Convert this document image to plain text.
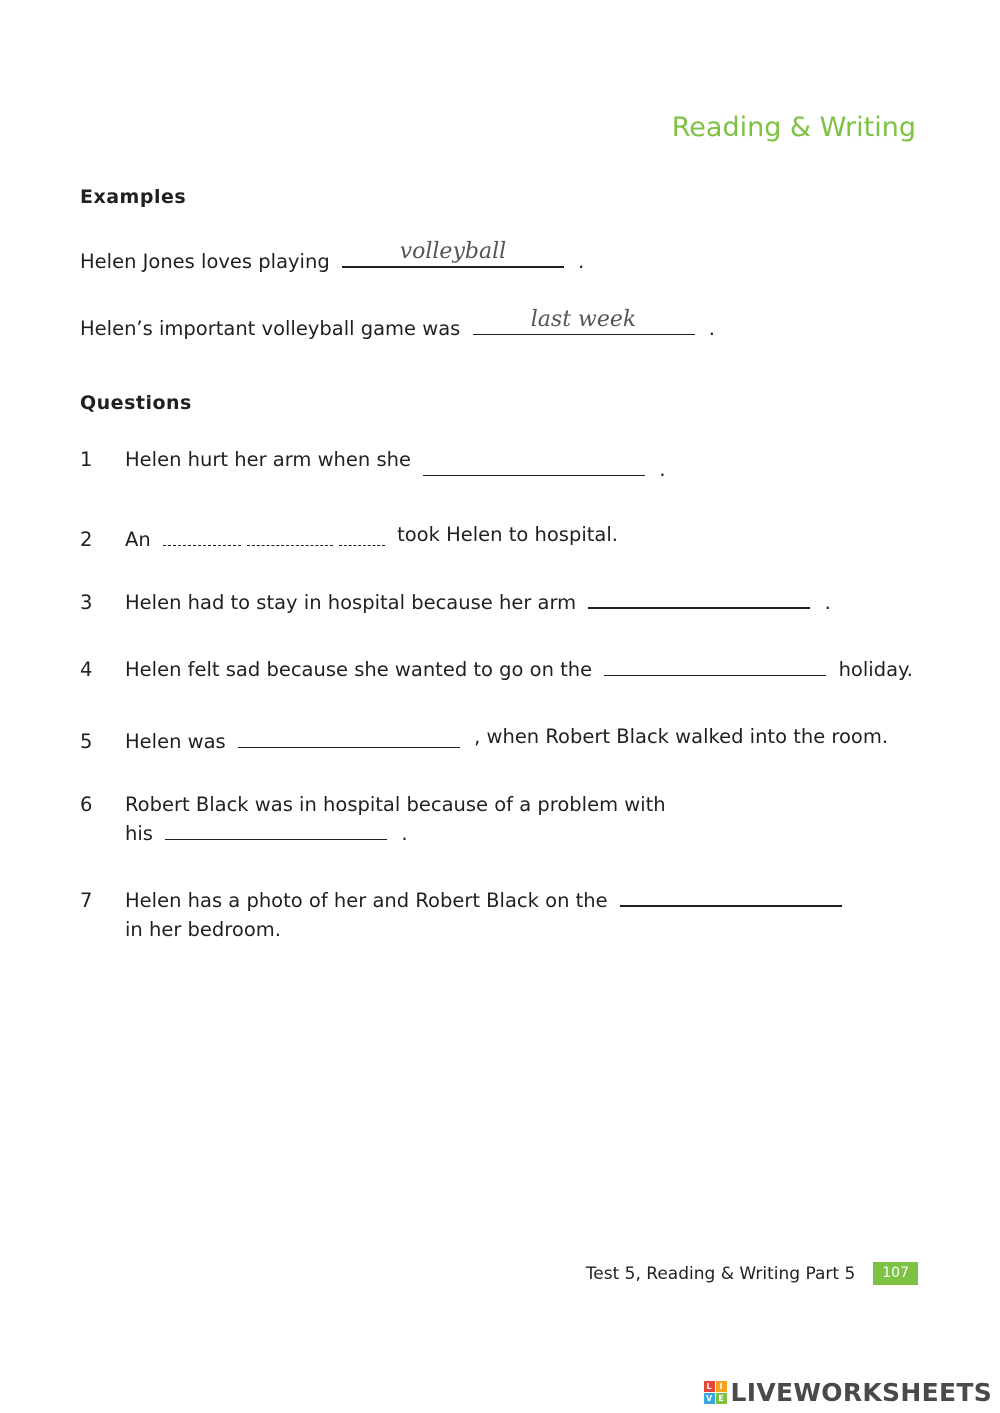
Reading & Writing
Examples
Helen Jones loves playing	volleyball	.
Helen’s important volleyball game was	last week	.
Questions
1 Helen hurt her arm when she	.
2 An	took Helen to hospital.
3 Helen had to stay in hospital because her arm	.
4 Helen felt sad because she wanted to go on the	holiday.
5 Helen was	, when Robert Black walked into the room.
6 Robert Black was in hospital because of a problem with
his	.
7 Helen has a photo of her and Robert Black on the
in her bedroom.
Test 5, Reading & Writing Part 5	107
L I
V E LIVEWORKSHEETS
